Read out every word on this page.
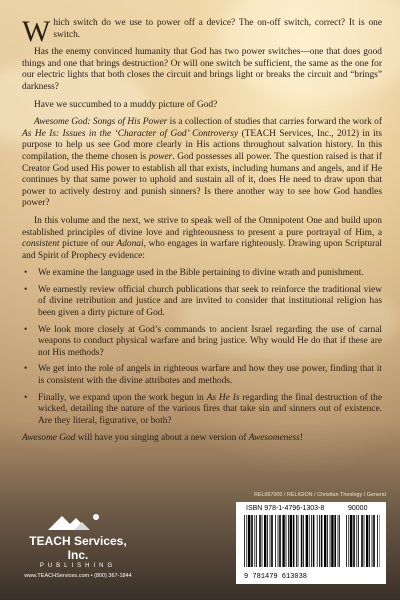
Which switch do we use to power off a device? The on-off switch, correct? It is one switch.

Has the enemy convinced humanity that God has two power switches—one that does good things and one that brings destruction? Or will one switch be sufficient, the same as the one for our electric lights that both closes the circuit and brings light or breaks the circuit and “brings” darkness?

Have we succumbed to a muddy picture of God?

Awesome God: Songs of His Power is a collection of studies that carries forward the work of As He Is: Issues in the ‘Character of God’ Controversy (TEACH Services, Inc., 2012) in its purpose to help us see God more clearly in His actions throughout salvation history. In this compilation, the theme chosen is power. God possesses all power. The question raised is that if Creator God used His power to establish all that exists, including humans and angels, and if He continues by that same power to uphold and sustain all of it, does He need to draw upon that power to actively destroy and punish sinners? Is there another way to see how God handles power?

In this volume and the next, we strive to speak well of the Omnipotent One and build upon established principles of divine love and righteousness to present a pure portrayal of Him, a consistent picture of our Adonai, who engages in warfare righteously. Drawing upon Scriptural and Spirit of Prophecy evidence:

• We examine the language used in the Bible pertaining to divine wrath and punishment.
• We earnestly review official church publications that seek to reinforce the traditional view of divine retribution and justice and are invited to consider that institutional religion has been given a dirty picture of God.
• We look more closely at God’s commands to ancient Israel regarding the use of carnal weapons to conduct physical warfare and bring justice. Why would He do that if these are not His methods?
• We get into the role of angels in righteous warfare and how they use power, finding that it is consistent with the divine attributes and methods.
• Finally, we expand upon the work begun in As He Is regarding the final destruction of the wicked, detailing the nature of the various fires that take sin and sinners out of existence. Are they literal, figurative, or both?

Awesome God will have you singing about a new version of Awesomeness!

TEACH Services, Inc.
PUBLISHING
www.TEACHServices.com • (800) 367-1844
REL067000 / RELIGION / Christian Theology / General
ISBN 978-1-4796-1303-8	90000
9 781479 613038
